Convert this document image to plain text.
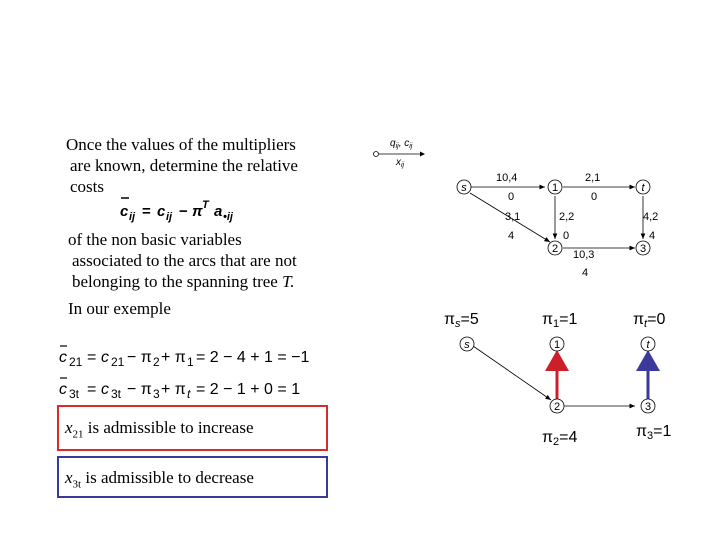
Once the values of the multipliers
are known, determine the relative
costs
c ij = c ij − π T a •ij
of the non basic variables
associated to the arcs that are not
belonging to the spanning tree T.
In our exemple
c 21 = c 21 − π 2 + π 1 = 2 − 4 + 1 = −1
c 3t = c 3t − π 3 + π t = 2 − 1 + 0 = 1
$x_{21}$ is admissible to increase
$x_{3t}$ is admissible to decrease
$q_{ij}$, $c_{ij}$
$x_{ij}$
s	1	t
2	3
10,4
0
2,1
0
3,1
4
2,2
0
4,2
4
10,3
4
πs=5	π1=1	πt=0
π2=4	π3=1
s	1	t
2	3
